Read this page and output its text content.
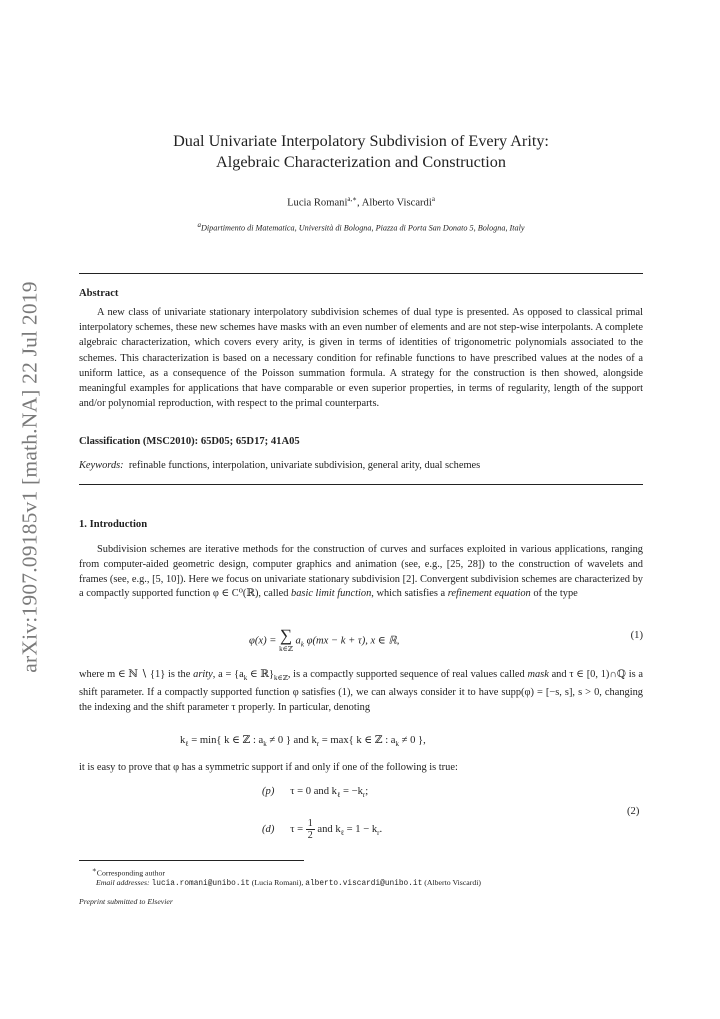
arXiv:1907.09185v1 [math.NA] 22 Jul 2019
Dual Univariate Interpolatory Subdivision of Every Arity:
Algebraic Characterization and Construction
Lucia Romani$^{a,∗}$, Alberto Viscardi$^a$
$^a$Dipartimento di Matematica, Università di Bologna, Piazza di Porta San Donato 5, Bologna, Italy
Abstract

A new class of univariate stationary interpolatory subdivision schemes of dual type is presented. As opposed to classical primal interpolatory schemes, these new schemes have masks with an even number of elements and are not step-wise interpolants. A complete algebraic characterization, which covers every arity, is given in terms of identities of trigonometric polynomials associated to the schemes. This characterization is based on a necessary condition for refinable functions to have prescribed values at the nodes of a uniform lattice, as a consequence of the Poisson summation formula. A strategy for the construction is then showed, alongside meaningful examples for applications that have comparable or even superior properties, in terms of regularity, length of the support and/or polynomial reproduction, with respect to the primal counterparts.

Classification (MSC2010): 65D05; 65D17; 41A05
Keywords: refinable functions, interpolation, univariate subdivision, general arity, dual schemes
1. Introduction

Subdivision schemes are iterative methods for the construction of curves and surfaces exploited in various applications, ranging from computer-aided geometric design, computer graphics and animation (see, e.g., [25, 28]) to the construction of wavelets and frames (see, e.g., [5, 10]). Here we focus on univariate stationary subdivision [2]. Convergent subdivision schemes are characterized by a compactly supported function φ ∈ C⁰(ℝ), called basic limit function, which satisfies a refinement equation of the type

φ(x) = ∑
k∈ℤ
$a_k$ φ(mx − k + τ), x ∈ ℝ,	(1)

where m ∈ ℕ ∖ {1} is the arity, $a = \{a_k$ ∈ $ℝ\}_{k\in ℤ}$, is a compactly supported sequence of real values called mask and τ ∈ [0, 1)∩ℚ is a shift parameter. If a compactly supported function φ satisfies (1), we can always consider it to have supp(φ) = [−s, s], s > 0, changing the indexing and the shift parameter τ properly. In particular, denoting

$k_\ell = \min${ k ∈ ℤ : $a_k \ne 0$ } and $k_r = \max${ k ∈ ℤ : $a_k \ne 0$ },
it is easy to prove that φ has a symmetric support if and only if one of the following is true:
(p) τ = 0 and $k_\ell = -k_r$;
(d) $\tau = \frac{1}{2}$ and $k_\ell = 1 - k_r$.
(2)
∗Corresponding author
Email addresses: lucia.romani@unibo.it (Lucia Romani), alberto.viscardi@unibo.it (Alberto Viscardi)
Preprint submitted to Elsevier
